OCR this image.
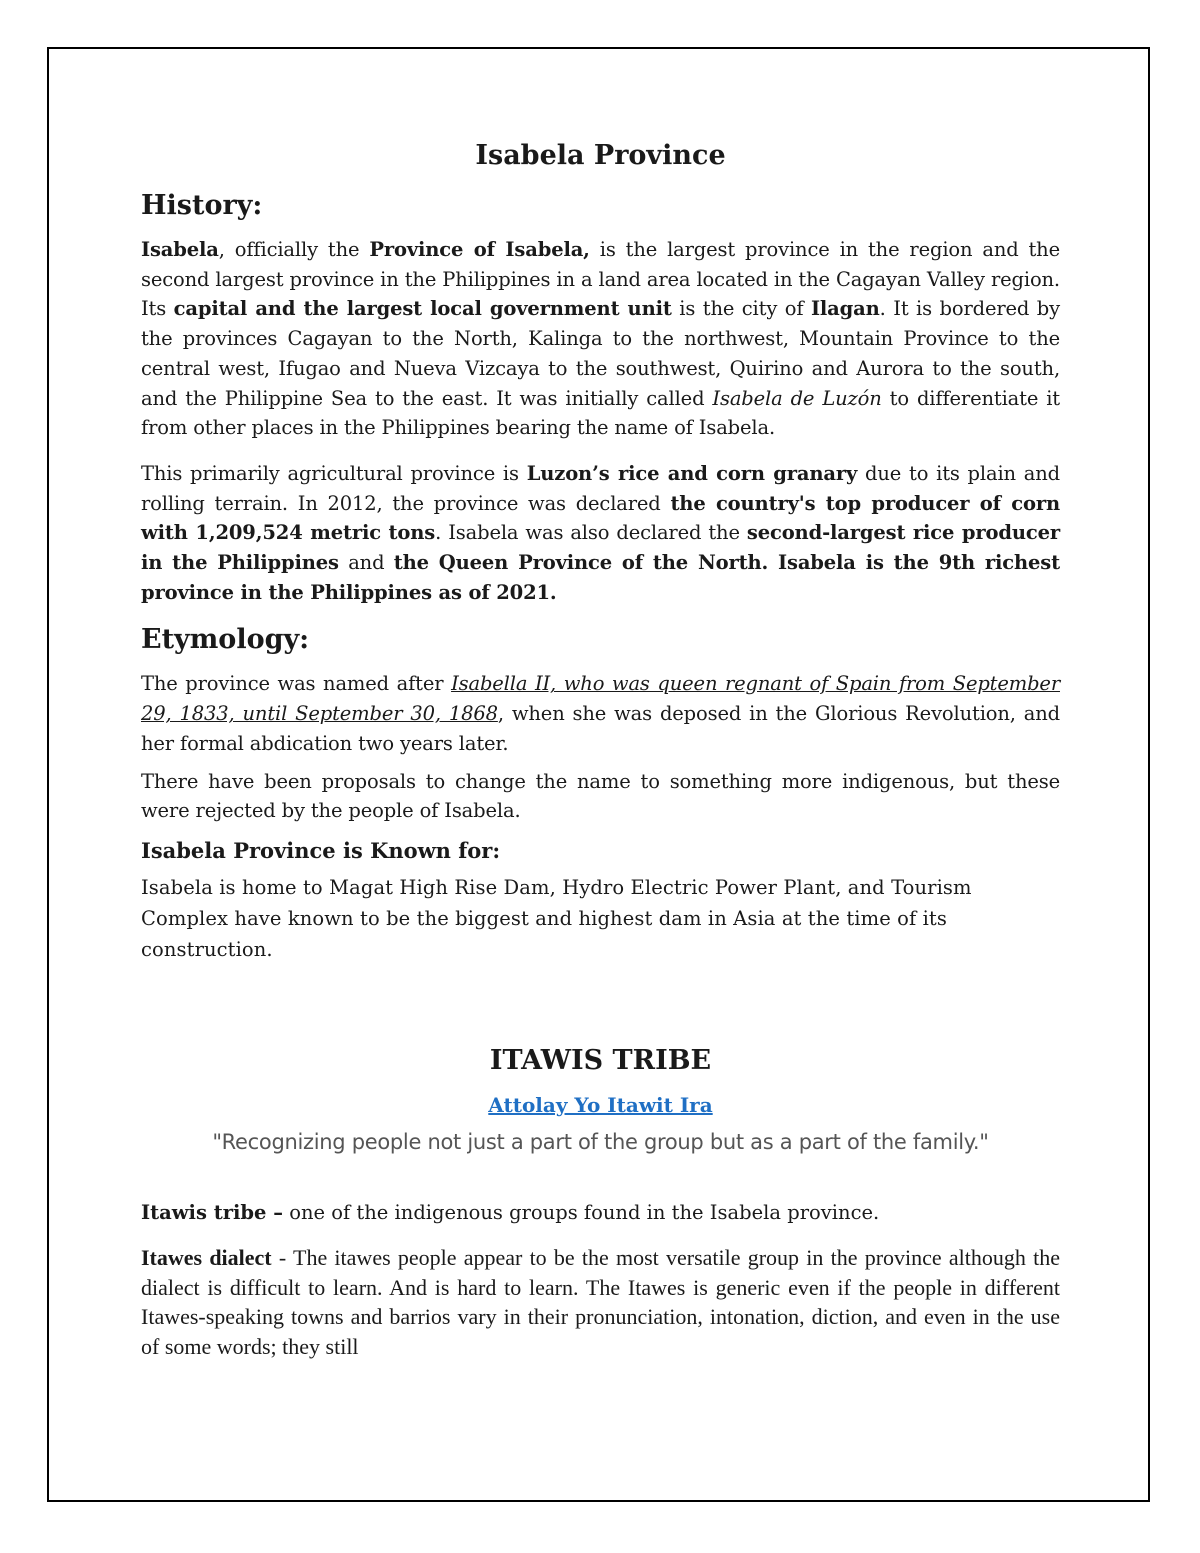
Isabela Province
History:

Isabela, officially the Province of Isabela, is the largest province in the region and the second largest province in the Philippines in a land area located in the Cagayan Valley region. Its capital and the largest local government unit is the city of Ilagan. It is bordered by the provinces Cagayan to the North, Kalinga to the northwest, Mountain Province to the central west, Ifugao and Nueva Vizcaya to the southwest, Quirino and Aurora to the south, and the Philippine Sea to the east. It was initially called Isabela de Luzón to differentiate it from other places in the Philippines bearing the name of Isabela.

This primarily agricultural province is Luzon’s rice and corn granary due to its plain and rolling terrain. In 2012, the province was declared the country's top producer of corn with 1,209,524 metric tons. Isabela was also declared the second-largest rice producer in the Philippines and the Queen Province of the North. Isabela is the 9th richest province in the Philippines as of 2021.

Etymology:

The province was named after Isabella II, who was queen regnant of Spain from September 29, 1833, until September 30, 1868, when she was deposed in the Glorious Revolution, and her formal abdication two years later.

There have been proposals to change the name to something more indigenous, but these were rejected by the people of Isabela.

Isabela Province is Known for:

Isabela is home to Magat High Rise Dam, Hydro Electric Power Plant, and Tourism Complex have known to be the biggest and highest dam in Asia at the time of its construction.

ITAWIS TRIBE
Attolay Yo Itawit Ira
"Recognizing people not just a part of the group but as a part of the family."

Itawis tribe – one of the indigenous groups found in the Isabela province.

Itawes dialect - The itawes people appear to be the most versatile group in the province although the dialect is difficult to learn. And is hard to learn. The Itawes is generic even if the people in different Itawes-speaking towns and barrios vary in their pronunciation, intonation, diction, and even in the use of some words; they still
